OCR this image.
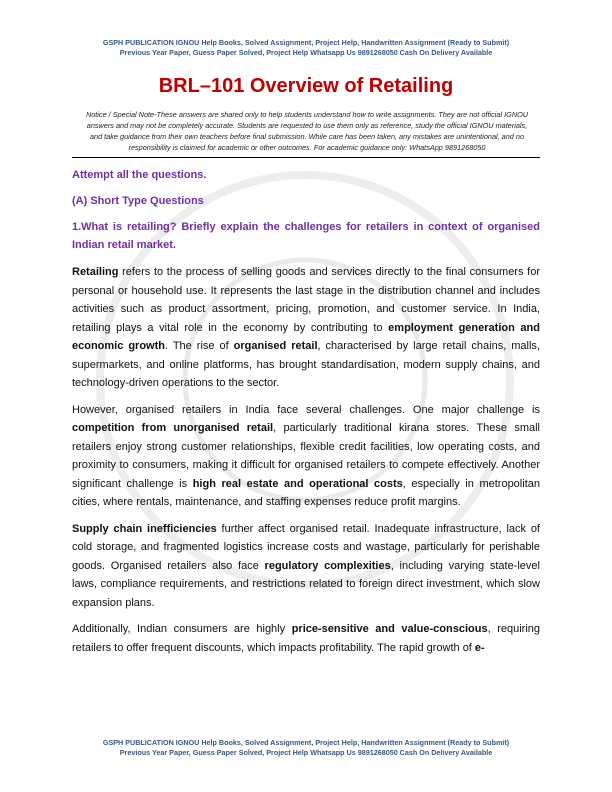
GSPH PUBLICATION IGNOU Help Books, Solved Assignment, Project Help, Handwritten Assignment (Ready to Submit)
Previous Year Paper, Guess Paper Solved, Project Help Whatsapp Us 9891268050 Cash On Delivery Available
BRL–101 Overview of Retailing
Notice / Special Note-These answers are shared only to help students understand how to write assignments. They are not official IGNOU answers and may not be completely accurate. Students are requested to use them only as reference, study the official IGNOU materials, and take guidance from their own teachers before final submission. While care has been taken, any mistakes are unintentional, and no responsibility is claimed for academic or other outcomes. For academic guidance only: WhatsApp 9891268050
Attempt all the questions.
(A) Short Type Questions
1.What is retailing? Briefly explain the challenges for retailers in context of organised Indian retail market.
Retailing refers to the process of selling goods and services directly to the final consumers for personal or household use. It represents the last stage in the distribution channel and includes activities such as product assortment, pricing, promotion, and customer service. In India, retailing plays a vital role in the economy by contributing to employment generation and economic growth. The rise of organised retail, characterised by large retail chains, malls, supermarkets, and online platforms, has brought standardisation, modern supply chains, and technology-driven operations to the sector.
However, organised retailers in India face several challenges. One major challenge is competition from unorganised retail, particularly traditional kirana stores. These small retailers enjoy strong customer relationships, flexible credit facilities, low operating costs, and proximity to consumers, making it difficult for organised retailers to compete effectively. Another significant challenge is high real estate and operational costs, especially in metropolitan cities, where rentals, maintenance, and staffing expenses reduce profit margins.
Supply chain inefficiencies further affect organised retail. Inadequate infrastructure, lack of cold storage, and fragmented logistics increase costs and wastage, particularly for perishable goods. Organised retailers also face regulatory complexities, including varying state-level laws, compliance requirements, and restrictions related to foreign direct investment, which slow expansion plans.
Additionally, Indian consumers are highly price-sensitive and value-conscious, requiring retailers to offer frequent discounts, which impacts profitability. The rapid growth of e-
GSPH PUBLICATION IGNOU Help Books, Solved Assignment, Project Help, Handwritten Assignment (Ready to Submit)
Previous Year Paper, Guess Paper Solved, Project Help Whatsapp Us 9891268050 Cash On Delivery Available
